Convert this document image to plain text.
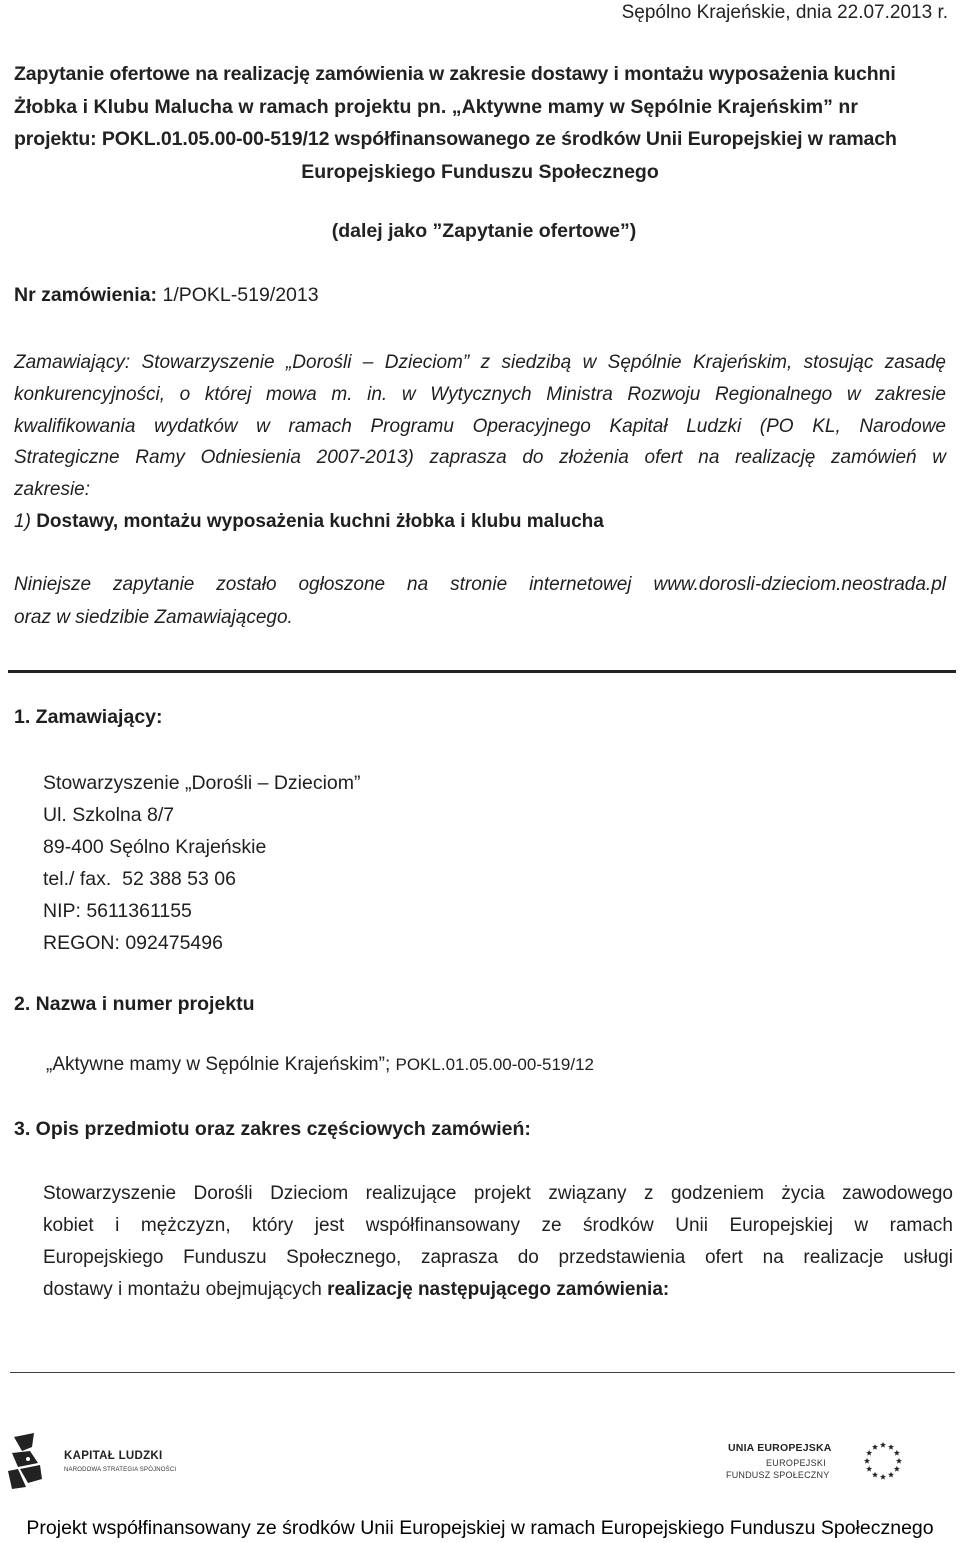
Sępólno Krajeńskie, dnia 22.07.2013 r.
Zapytanie ofertowe na realizację zamówienia w zakresie dostawy i montażu wyposażenia kuchni
Żłobka i Klubu Malucha w ramach projektu pn. „Aktywne mamy w Sępólnie Krajeńskim” nr
projektu: POKL.01.05.00-00-519/12 współfinansowanego ze środków Unii Europejskiej w ramach
Europejskiego Funduszu Społecznego
(dalej jako ”Zapytanie ofertowe”)
Nr zamówienia: 1/POKL-519/2013
Zamawiający: Stowarzyszenie „Dorośli – Dzieciom” z siedzibą w Sępólnie Krajeńskim, stosując zasadę
konkurencyjności, o której mowa m. in. w Wytycznych Ministra Rozwoju Regionalnego w zakresie
kwalifikowania wydatków w ramach Programu Operacyjnego Kapitał Ludzki (PO KL, Narodowe
Strategiczne Ramy Odniesienia 2007-2013) zaprasza do złożenia ofert na realizację zamówień w
zakresie:
1) Dostawy, montażu wyposażenia kuchni żłobka i klubu malucha
Niniejsze zapytanie zostało ogłoszone na stronie internetowej www.dorosli-dzieciom.neostrada.pl
oraz w siedzibie Zamawiającego.
1. Zamawiający:
Stowarzyszenie „Dorośli – Dzieciom”
Ul. Szkolna 8/7
89-400 Sęólno Krajeńskie
tel./ fax.  52 388 53 06
NIP: 5611361155
REGON: 092475496
2. Nazwa i numer projektu
„Aktywne mamy w Sępólnie Krajeńskim”; POKL.01.05.00-00-519/12
3. Opis przedmiotu oraz zakres częściowych zamówień:
Stowarzyszenie Dorośli Dzieciom realizujące projekt związany z godzeniem życia zawodowego
kobiet i mężczyzn, który jest współfinansowany ze środków Unii Europejskiej w ramach
Europejskiego Funduszu Społecznego, zaprasza do przedstawienia ofert na realizacje usługi
dostawy i montażu obejmujących realizację następującego zamówienia:
KAPITAŁ LUDZKI
NARODOWA STRATEGIA SPÓJNOŚCI
UNIA EUROPEJSKA
EUROPEJSKI
FUNDUSZ SPOŁECZNY
Projekt współfinansowany ze środków Unii Europejskiej w ramach Europejskiego Funduszu Społecznego
